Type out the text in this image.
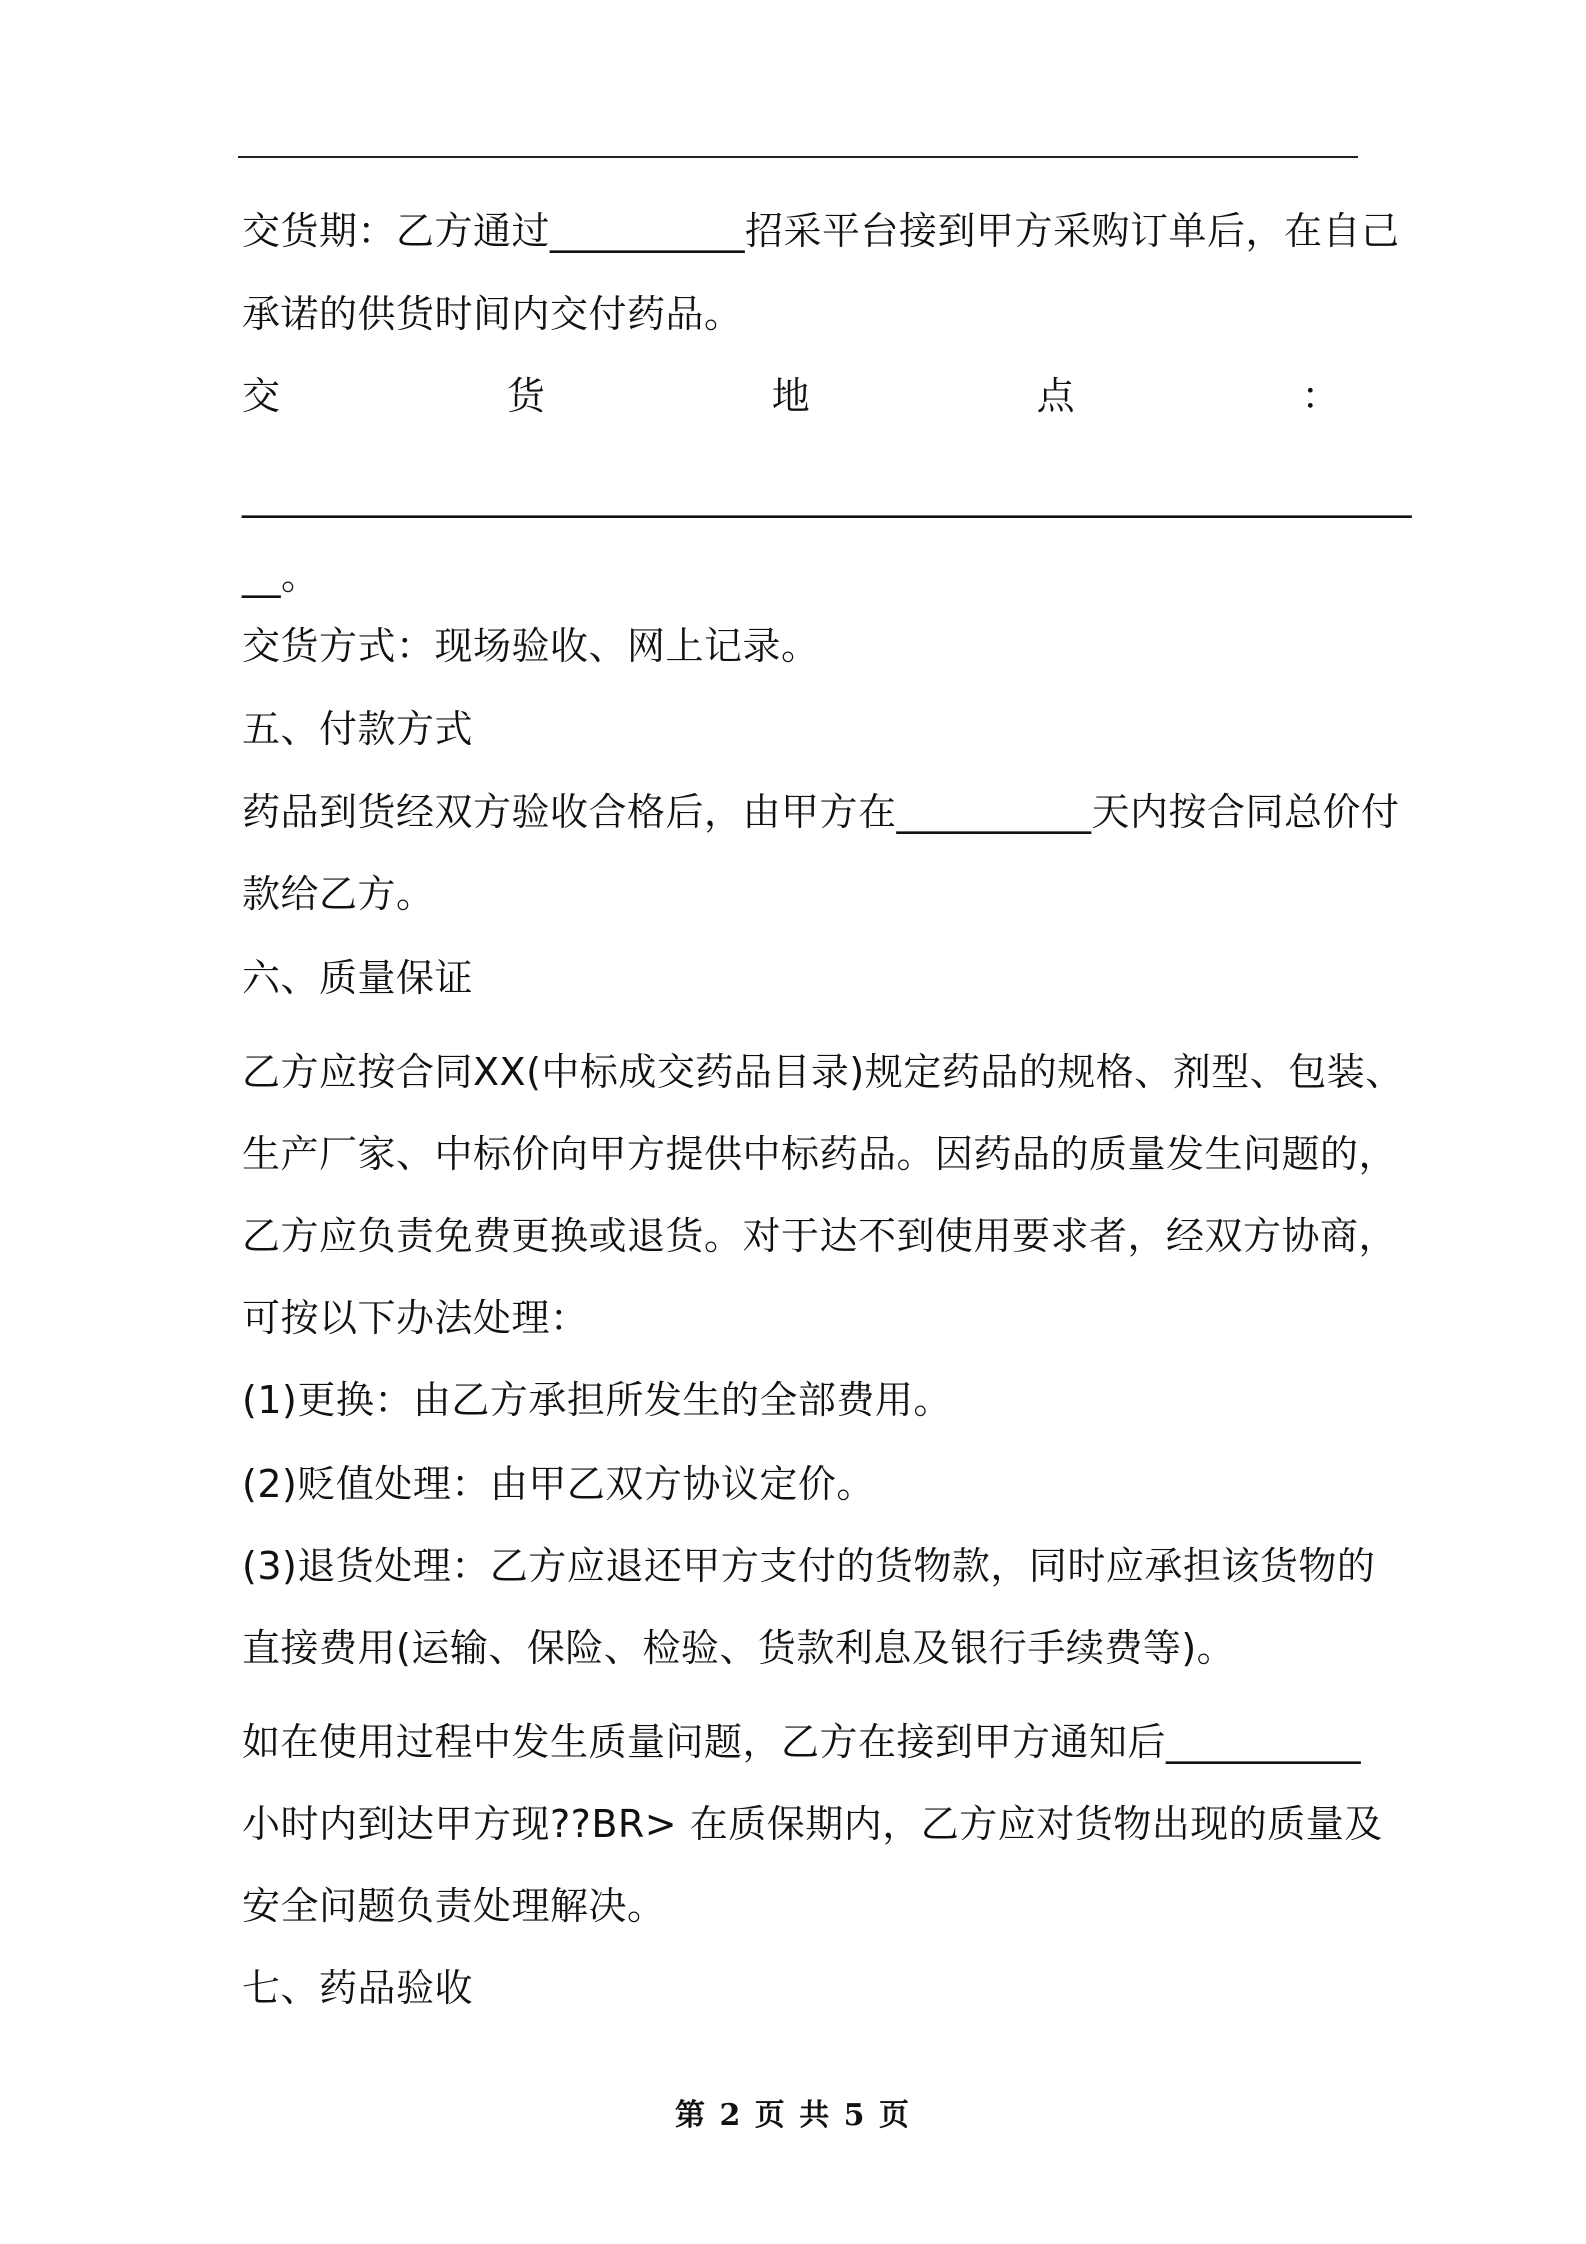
交货期：乙方通过__________招采平台接到甲方采购订单后，在自己
承诺的供货时间内交付药品。
交	货	地	点	：
____________________________________________________________
__。
交货方式：现场验收、网上记录。
五、付款方式
药品到货经双方验收合格后，由甲方在__________天内按合同总价付
款给乙方。
六、质量保证
乙方应按合同XX(中标成交药品目录)规定药品的规格、剂型、包装、
生产厂家、中标价向甲方提供中标药品。因药品的质量发生问题的，
乙方应负责免费更换或退货。对于达不到使用要求者，经双方协商，
可按以下办法处理：
(1)更换：由乙方承担所发生的全部费用。
(2)贬值处理：由甲乙双方协议定价。
(3)退货处理：乙方应退还甲方支付的货物款，同时应承担该货物的
直接费用(运输、保险、检验、货款利息及银行手续费等)。
如在使用过程中发生质量问题，乙方在接到甲方通知后__________
小时内到达甲方现??BR> 在质保期内，乙方应对货物出现的质量及
安全问题负责处理解决。
七、药品验收
第 2 页 共 5 页
